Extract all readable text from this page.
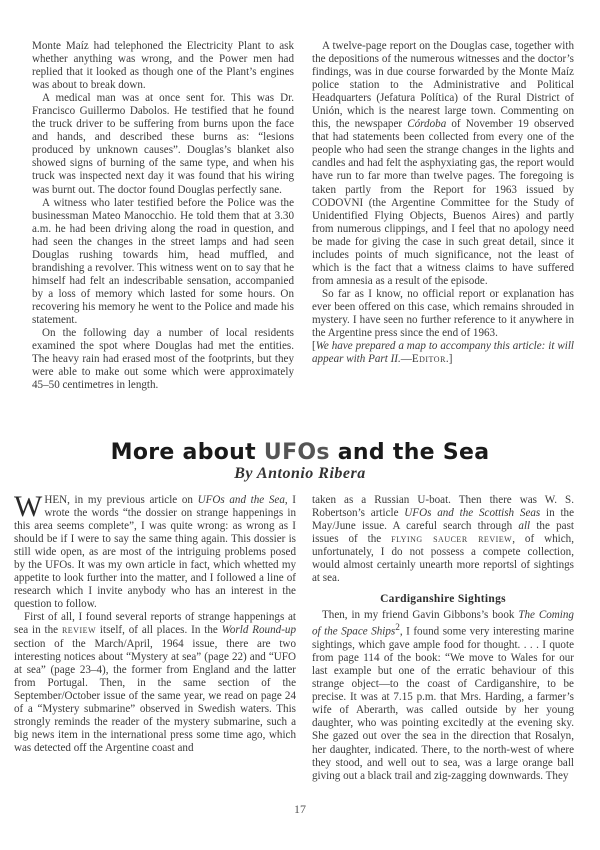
Monte Maíz had telephoned the Electricity Plant to ask whether anything was wrong, and the Power men had replied that it looked as though one of the Plant’s engines was about to break down.

A medical man was at once sent for. This was Dr. Francisco Guillermo Dabolos. He testified that he found the truck driver to be suffering from burns upon the face and hands, and described these burns as: “lesions produced by unknown causes”. Douglas’s blanket also showed signs of burning of the same type, and when his truck was inspected next day it was found that his wiring was burnt out. The doctor found Douglas perfectly sane.

A witness who later testified before the Police was the businessman Mateo Manocchio. He told them that at 3.30 a.m. he had been driving along the road in question, and had seen the changes in the street lamps and had seen Douglas rushing towards him, head muffled, and brandishing a revolver. This witness went on to say that he himself had felt an indescribable sensation, accompanied by a loss of memory which lasted for some hours. On recovering his memory he went to the Police and made his statement.

On the following day a number of local residents examined the spot where Douglas had met the entities. The heavy rain had erased most of the footprints, but they were able to make out some which were approximately 45–50 centimetres in length.

A twelve-page report on the Douglas case, together with the depositions of the numerous witnesses and the doctor’s findings, was in due course forwarded by the Monte Maíz police station to the Administrative and Political Headquarters (Jefatura Política) of the Rural District of Unión, which is the nearest large town. Commenting on this, the newspaper Córdoba of November 19 observed that had statements been collected from every one of the people who had seen the strange changes in the lights and candles and had felt the asphyxiating gas, the report would have run to far more than twelve pages. The foregoing is taken partly from the Report for 1963 issued by CODOVNI (the Argentine Committee for the Study of Unidentified Flying Objects, Buenos Aires) and partly from numerous clippings, and I feel that no apology need be made for giving the case in such great detail, since it includes points of much significance, not the least of which is the fact that a witness claims to have suffered from amnesia as a result of the episode.

So far as I know, no official report or explanation has ever been offered on this case, which remains shrouded in mystery. I have seen no further reference to it anywhere in the Argentine press since the end of 1963.

[We have prepared a map to accompany this article: it will appear with Part II.—Editor.]

More about UFOs and the Sea
By Antonio Ribera

WHEN, in my previous article on UFOs and the Sea, I wrote the words “the dossier on strange happenings in this area seems complete”, I was quite wrong: as wrong as I should be if I were to say the same thing again. This dossier is still wide open, as are most of the intriguing problems posed by the UFOs. It was my own article in fact, which whetted my appetite to look further into the matter, and I followed a line of research which I invite anybody who has an interest in the question to follow.

First of all, I found several reports of strange happenings at sea in the review itself, of all places. In the World Round-up section of the March/April, 1964 issue, there are two interesting notices about “Mystery at sea” (page 22) and “UFO at sea” (page 23–4), the former from England and the latter from Portugal. Then, in the same section of the September/October issue of the same year, we read on page 24 of a “Mystery submarine” observed in Swedish waters. This strongly reminds the reader of the mystery submarine, such a big news item in the international press some time ago, which was detected off the Argentine coast and

taken as a Russian U-boat. Then there was W. S. Robertson’s article UFOs and the Scottish Seas in the May/June issue. A careful search through all the past issues of the flying saucer review, of which, unfortunately, I do not possess a compete collection, would almost certainly unearth more reportsl of sightings at sea.

Cardiganshire Sightings

Then, in my friend Gavin Gibbons’s book The Coming of the Space Ships$^2$, I found some very interesting marine sightings, which gave ample food for thought. . . . I quote from page 114 of the book: “We move to Wales for our last example but one of the erratic behaviour of this strange object—to the coast of Cardiganshire, to be precise. It was at 7.15 p.m. that Mrs. Harding, a farmer’s wife of Aberarth, was called outside by her young daughter, who was pointing excitedly at the evening sky. She gazed out over the sea in the direction that Rosalyn, her daughter, indicated. There, to the north-west of where they stood, and well out to sea, was a large orange ball giving out a black trail and zig-zagging downwards. They

17
